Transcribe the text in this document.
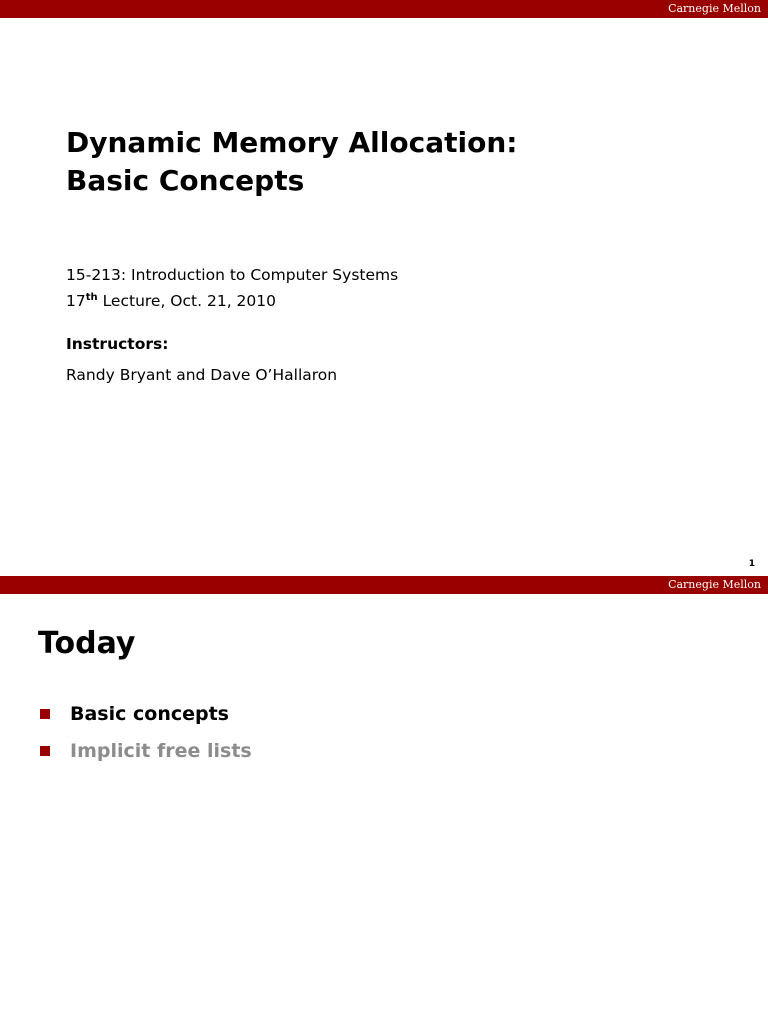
Carnegie Mellon
Dynamic Memory Allocation:
Basic Concepts
15-213: Introduction to Computer Systems
17th Lecture, Oct. 21, 2010
Instructors:
Randy Bryant and Dave O’Hallaron
1
Carnegie Mellon
Today
Basic concepts
Implicit free lists
